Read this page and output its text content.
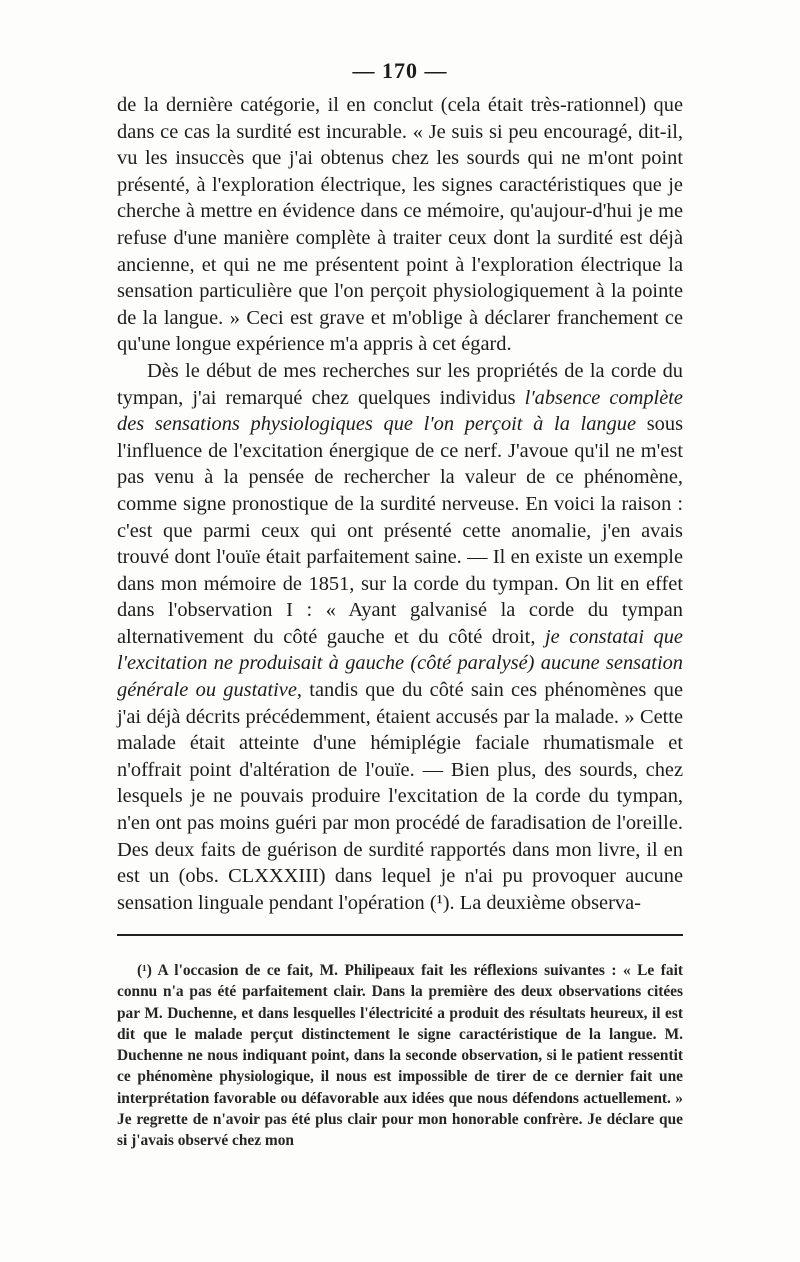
— 170 —

de la dernière catégorie, il en conclut (cela était très-rationnel) que dans ce cas la surdité est incurable. « Je suis si peu encouragé, dit-il, vu les insuccès que j'ai obtenus chez les sourds qui ne m'ont point présenté, à l'exploration électrique, les signes caractéristiques que je cherche à mettre en évidence dans ce mémoire, qu'aujour-d'hui je me refuse d'une manière complète à traiter ceux dont la surdité est déjà ancienne, et qui ne me présentent point à l'exploration électrique la sensation particulière que l'on perçoit physiologiquement à la pointe de la langue. » Ceci est grave et m'oblige à déclarer franchement ce qu'une longue expérience m'a appris à cet égard.

Dès le début de mes recherches sur les propriétés de la corde du tympan, j'ai remarqué chez quelques individus l'absence complète des sensations physiologiques que l'on perçoit à la langue sous l'influence de l'excitation énergique de ce nerf. J'avoue qu'il ne m'est pas venu à la pensée de rechercher la valeur de ce phénomène, comme signe pronostique de la surdité nerveuse. En voici la raison : c'est que parmi ceux qui ont présenté cette anomalie, j'en avais trouvé dont l'ouïe était parfaitement saine. — Il en existe un exemple dans mon mémoire de 1851, sur la corde du tympan. On lit en effet dans l'observation I : « Ayant galvanisé la corde du tympan alternativement du côté gauche et du côté droit, je constatai que l'excitation ne produisait à gauche (côté paralysé) aucune sensation générale ou gustative, tandis que du côté sain ces phénomènes que j'ai déjà décrits précédemment, étaient accusés par la malade. » Cette malade était atteinte d'une hémiplégie faciale rhumatismale et n'offrait point d'altération de l'ouïe. — Bien plus, des sourds, chez lesquels je ne pouvais produire l'excitation de la corde du tympan, n'en ont pas moins guéri par mon procédé de faradisation de l'oreille. Des deux faits de guérison de surdité rapportés dans mon livre, il en est un (obs. CLXXXIII) dans lequel je n'ai pu provoquer aucune sensation linguale pendant l'opération (¹). La deuxième observa-

(¹) A l'occasion de ce fait, M. Philipeaux fait les réflexions suivantes : « Le fait connu n'a pas été parfaitement clair. Dans la première des deux observations citées par M. Duchenne, et dans lesquelles l'électricité a produit des résultats heureux, il est dit que le malade perçut distinctement le signe caractéristique de la langue. M. Duchenne ne nous indiquant point, dans la seconde observation, si le patient ressentit ce phénomène physiologique, il nous est impossible de tirer de ce dernier fait une interprétation favorable ou défavorable aux idées que nous défendons actuellement. » Je regrette de n'avoir pas été plus clair pour mon honorable confrère. Je déclare que si j'avais observé chez mon
